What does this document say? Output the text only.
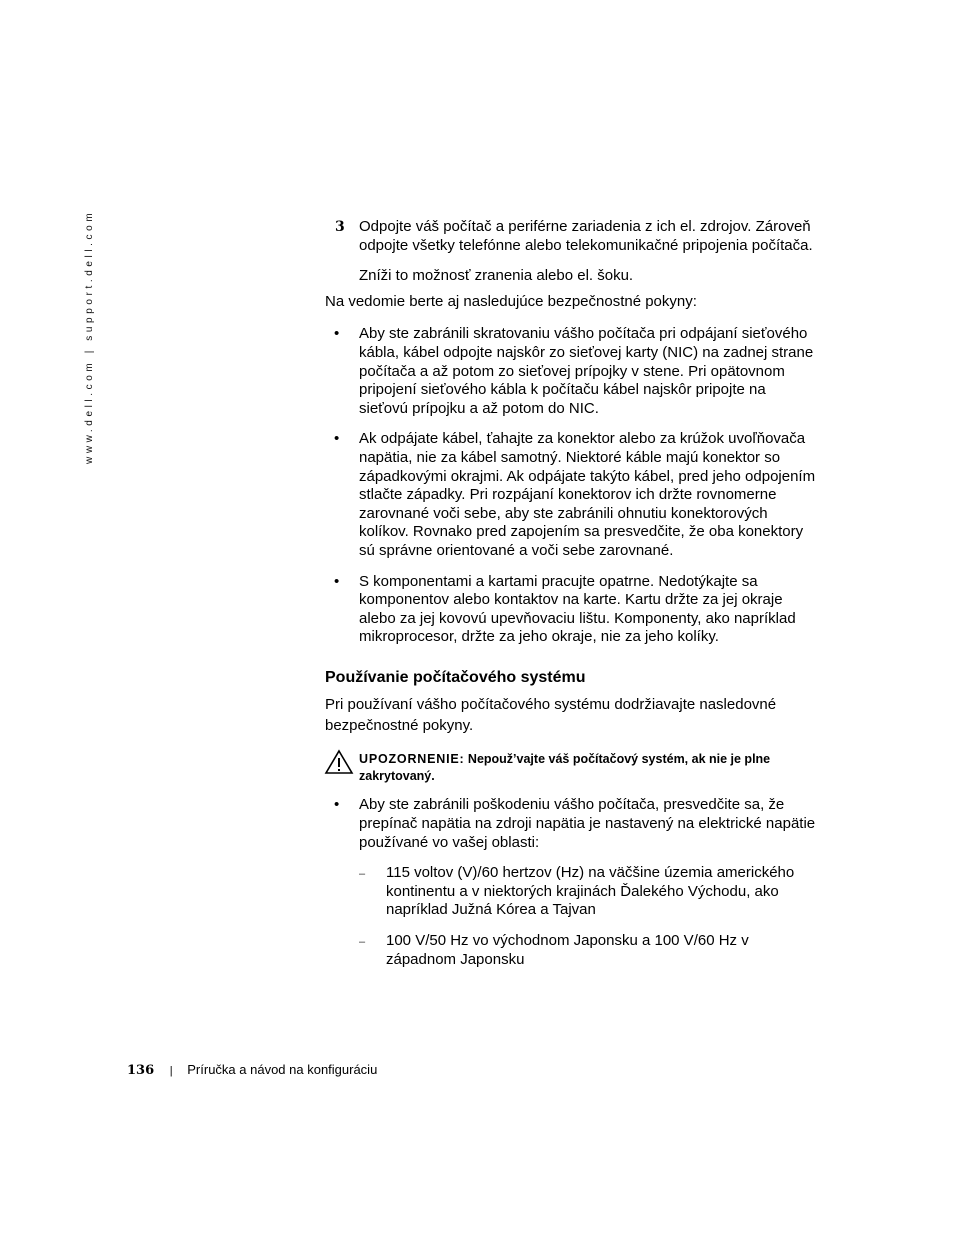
www.dell.com | support.dell.com	3 Odpojte váš počítač a periférne zariadenia z ich el. zdrojov. Zároveň odpojte všetky telefónne alebo telekomunikačné pripojenia počítača.
Zníži to možnosť zranenia alebo el. šoku.
Na vedomie berte aj nasledujúce bezpečnostné pokyny:
• Aby ste zabránili skratovaniu vášho počítača pri odpájaní sieťového kábla, kábel odpojte najskôr zo sieťovej karty (NIC) na zadnej strane počítača a až potom zo sieťovej prípojky v stene. Pri opätovnom pripojení sieťového kábla k počítaču kábel najskôr pripojte na sieťovú prípojku a až potom do NIC.
• Ak odpájate kábel, ťahajte za konektor alebo za krúžok uvoľňovača napätia, nie za kábel samotný. Niektoré káble majú konektor so západkovými okrajmi. Ak odpájate takýto kábel, pred jeho odpojením stlačte západky. Pri rozpájaní konektorov ich držte rovnomerne zarovnané voči sebe, aby ste zabránili ohnutiu konektorových kolíkov. Rovnako pred zapojením sa presvedčite, že oba konektory sú správne orientované a voči sebe zarovnané.
• S komponentami a kartami pracujte opatrne. Nedotýkajte sa komponentov alebo kontaktov na karte. Kartu držte za jej okraje alebo za jej kovovú upevňovaciu lištu. Komponenty, ako napríklad mikroprocesor, držte za jeho okraje, nie za jeho kolíky.
Používanie počítačového systému
Pri používaní vášho počítačového systému dodržiavajte nasledovné bezpečnostné pokyny.
UPOZORNENIE: Nepouž’vajte váš počítačový systém, ak nie je plne zakrytovaný.
• Aby ste zabránili poškodeniu vášho počítača, presvedčite sa, že prepínač napätia na zdroji napätia je nastavený na elektrické napätie používané vo vašej oblasti:
– 115 voltov (V)/60 hertzov (Hz) na väčšine územia amerického kontinentu a v niektorých krajinách Ďalekého Východu, ako napríklad Južná Kórea a Tajvan
– 100 V/50 Hz vo východnom Japonsku a 100 V/60 Hz v západnom Japonsku
136 | Príručka a návod na konfiguráciu
